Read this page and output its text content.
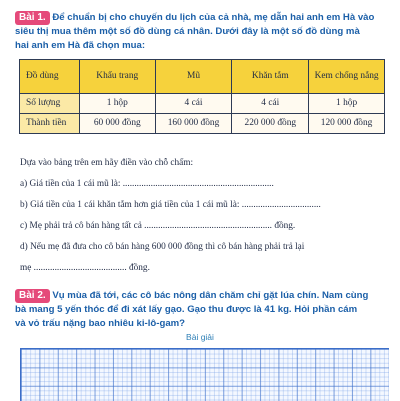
Bài 1. Để chuẩn bị cho chuyến du lịch của cả nhà, mẹ dẫn hai anh em Hà vào
siêu thị mua thêm một số đồ dùng cá nhân. Dưới đây là một số đồ dùng mà
hai anh em Hà đã chọn mua:
Đồ dùng	Khẩu trang	Mũ	Khăn tắm	Kem chống nắng
Số lượng	1 hộp	4 cái	4 cái	1 hộp
Thành tiền	60 000 đồng	160 000 đồng	220 000 đồng	120 000 đồng
Dựa vào bảng trên em hãy điền vào chỗ chấm:
a) Giá tiền của 1 cái mũ là: .................................................................
b) Giá tiền của 1 cái khăn tắm hơn giá tiền của 1 cái mũ là: ..................................
c) Mẹ phải trả cô bán hàng tất cả ....................................................... đồng.
d) Nếu mẹ đã đưa cho cô bán hàng 600 000 đồng thì cô bán hàng phải trả lại
mẹ ........................................ đồng.
Bài 2. Vụ mùa đã tới, các cô bác nông dân chăm chỉ gặt lúa chín. Nam cùng
bà mang 5 yến thóc để đi xát lấy gạo. Gạo thu được là 41 kg. Hỏi phần cám
và vỏ trấu nặng bao nhiêu ki-lô-gam?
Bài giải
